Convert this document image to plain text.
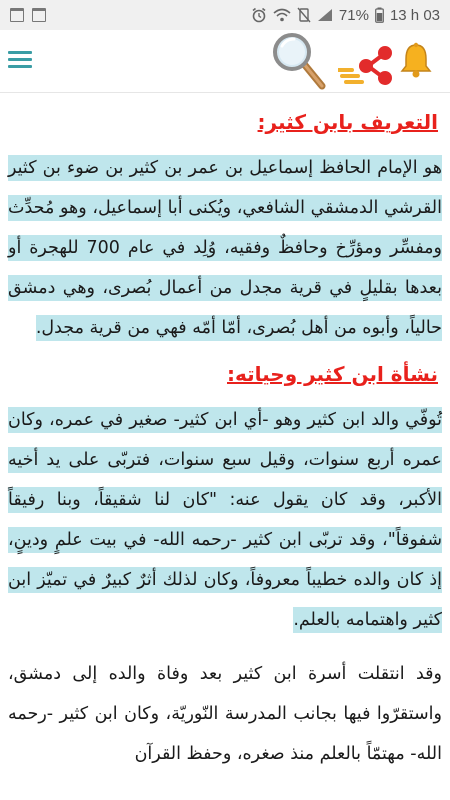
71% 13 h 03
التعريف بابن كثير:

هو الإمام الحافظ إسماعيل بن عمر بن كثير بن ضوء بن كثير القرشي الدمشقي الشافعي، ويُكنى أبا إسماعيل، وهو مُحدِّث ومفسِّر ومؤرِّخ وحافظٌ وفقيه، وُلِد في عام 700 للهجرة أو بعدها بقليلٍ في قرية مجدل من أعمال بُصرى، وهي دمشق حالياً، وأبوه من أهل بُصرى، أمّا أمّه فهي من قرية مجدل.

نشأة ابن كثير وحياته:

تُوفّي والد ابن كثير وهو -أي ابن كثير- صغير في عمره، وكان عمره أربع سنوات، وقيل سبع سنوات، فتربّى على يد أخيه الأكبر، وقد كان يقول عنه: "كان لنا شقيقاً، وبنا رفيقاً شفوقاً"، وقد تربّى ابن كثير -رحمه الله- في بيت علمٍ ودينٍ، إذ كان والده خطيباً معروفاً، وكان لذلك أثرٌ كبيرٌ في تميّز ابن كثير واهتمامه بالعلم.

وقد انتقلت أسرة ابن كثير بعد وفاة والده إلى دمشق، واستقرّوا فيها بجانب المدرسة النّوريّة، وكان ابن كثير -رحمه الله- مهتمّاً بالعلم منذ صغره، وحفظ القرآن
